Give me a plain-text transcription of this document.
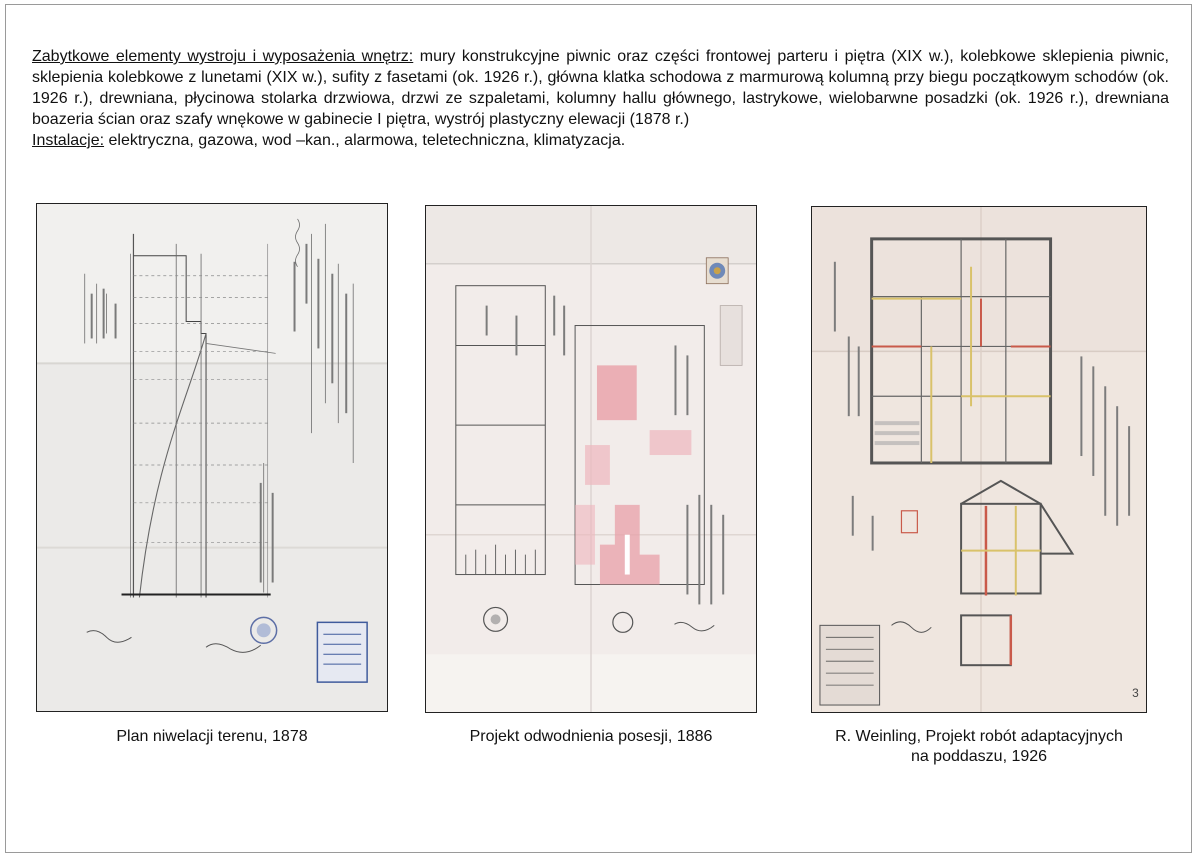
Zabytkowe elementy wystroju i wyposażenia wnętrz: mury konstrukcyjne piwnic oraz części frontowej parteru i piętra (XIX w.), kolebkowe sklepienia piwnic, sklepienia kolebkowe z lunetami (XIX w.), sufity z fasetami (ok. 1926 r.), główna klatka schodowa z marmurową kolumną przy biegu początkowym schodów (ok. 1926 r.), drewniana, płycinowa stolarka drzwiowa, drzwi ze szpaletami, kolumny hallu głównego, lastrykowe, wielobarwne posadzki (ok. 1926 r.), drewniana boazeria ścian oraz szafy wnękowe w gabinecie I piętra, wystrój plastyczny elewacji (1878 r.)
Instalacje: elektryczna, gazowa, wod –kan., alarmowa, teletechniczna, klimatyzacja.
3
Plan niwelacji terenu, 1878	Projekt odwodnienia posesji, 1886	R. Weinling, Projekt robót adaptacyjnych
na poddaszu, 1926
